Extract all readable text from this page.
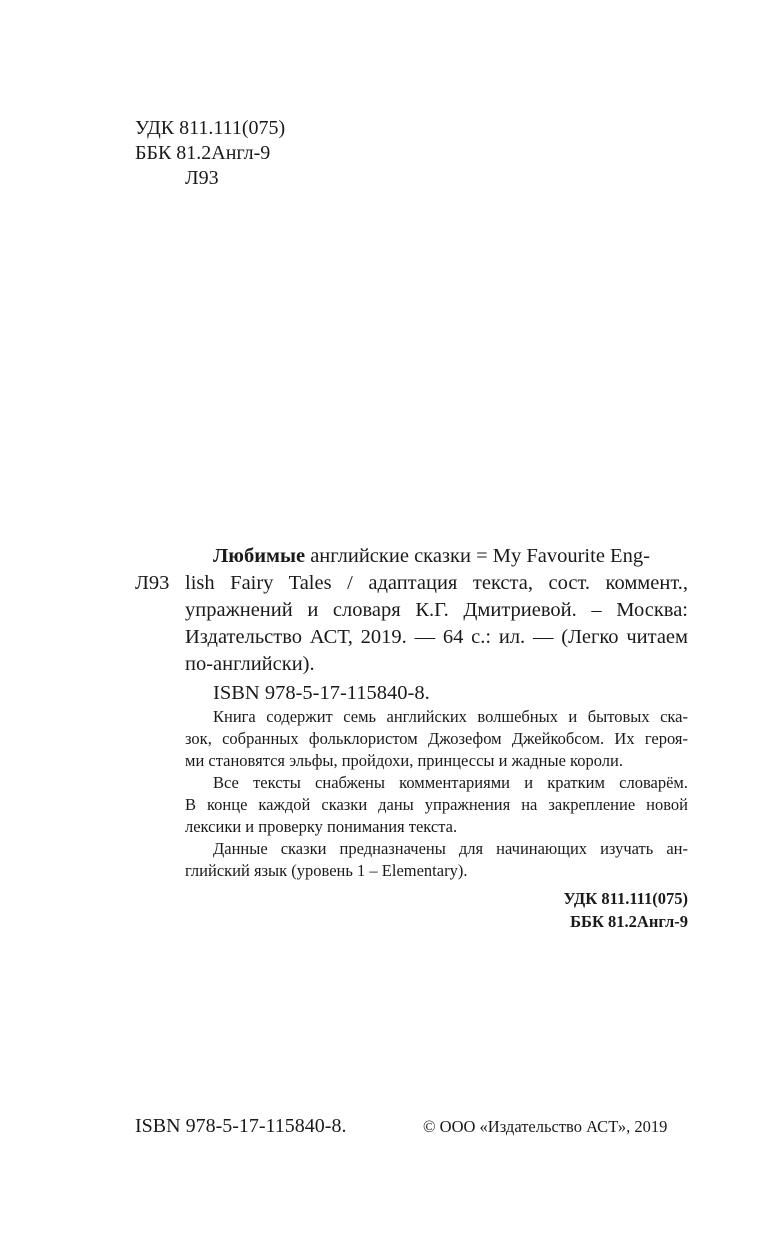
УДК 811.111(075)
ББК 81.2Англ-9
Л93
Любимые английские сказки = My Favourite Eng-
Л93 lish Fairy Tales / адаптация текста, сост. коммент.,
упражнений и словаря К.Г. Дмитриевой. – Москва:
Издательство АСТ, 2019. — 64 с.: ил. — (Легко читаем
по-английски).
ISBN 978-5-17-115840-8.
Книга содержит семь английских волшебных и бытовых ска-
зок, собранных фольклористом Джозефом Джейкобсом. Их героя-
ми становятся эльфы, пройдохи, принцессы и жадные короли.
Все тексты снабжены комментариями и кратким словарём.
В конце каждой сказки даны упражнения на закрепление новой
лексики и проверку понимания текста.
Данные сказки предназначены для начинающих изучать ан-
глийский язык (уровень 1 – Elementary).
УДК 811.111(075)
ББК 81.2Англ-9
ISBN 978-5-17-115840-8.	© ООО «Издательство АСТ», 2019
